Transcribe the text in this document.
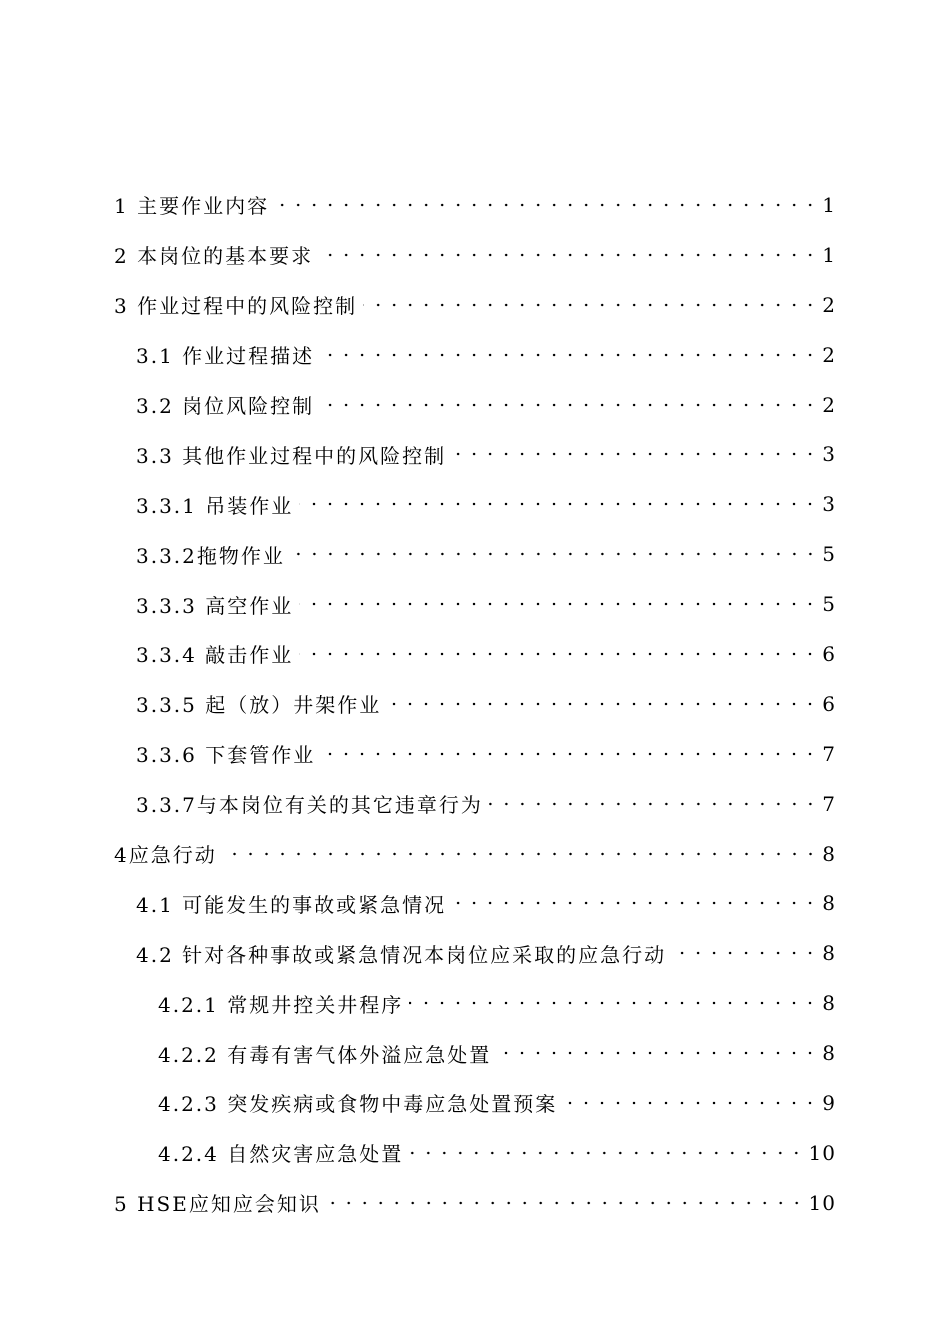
1 主要作业内容	1
2 本岗位的基本要求	1
3 作业过程中的风险控制	2
3.1 作业过程描述	2
3.2 岗位风险控制	2
3.3 其他作业过程中的风险控制	3
3.3.1 吊装作业	3
3.3.2拖物作业	5
3.3.3 高空作业	5
3.3.4 敲击作业	6
3.3.5 起（放）井架作业	6
3.3.6 下套管作业	7
3.3.7与本岗位有关的其它违章行为	7
4应急行动	8
4.1 可能发生的事故或紧急情况	8
4.2 针对各种事故或紧急情况本岗位应采取的应急行动	8
4.2.1 常规井控关井程序	8
4.2.2 有毒有害气体外溢应急处置	8
4.2.3 突发疾病或食物中毒应急处置预案	9
4.2.4 自然灾害应急处置	10
5 HSE应知应会知识	10
